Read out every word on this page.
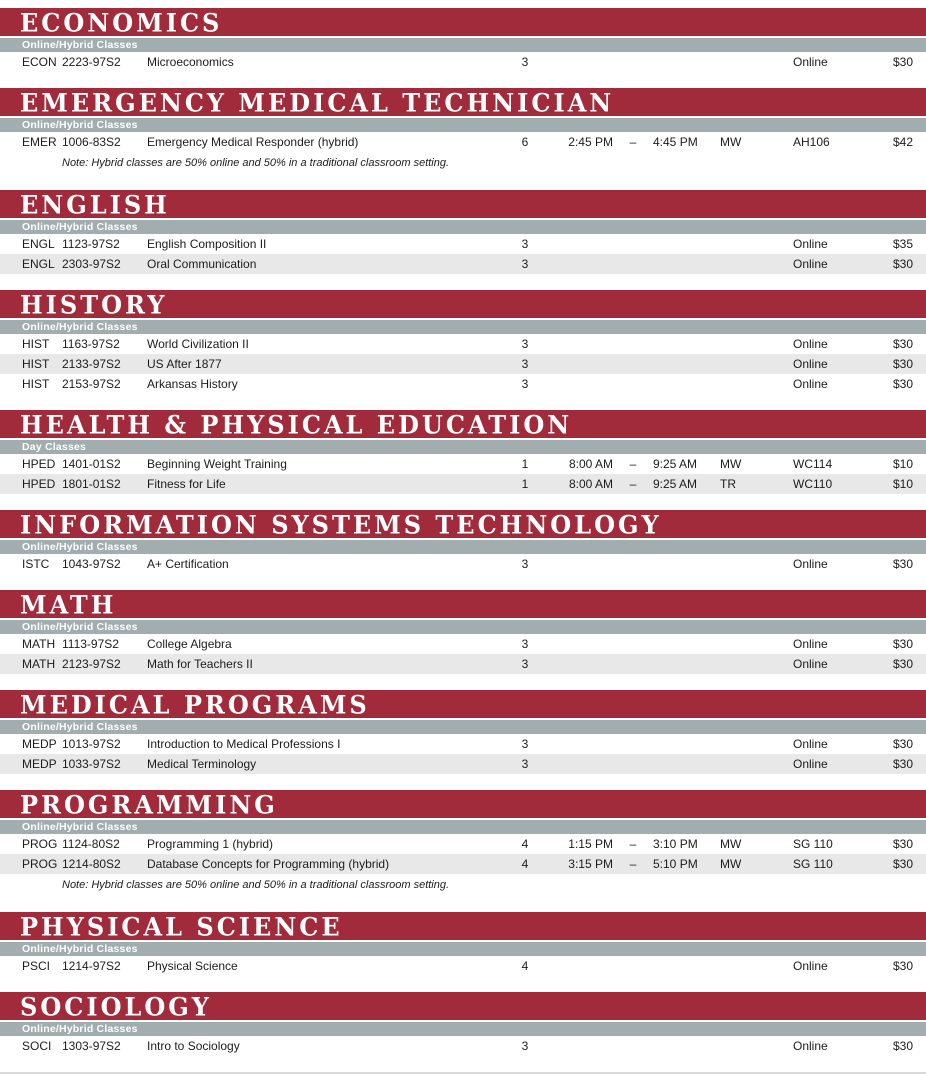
ECONOMICS
Online/Hybrid Classes
ECON 2223-97S2	Microeconomics	3	Online	$30
EMERGENCY MEDICAL TECHNICIAN
Online/Hybrid Classes
EMER 1006-83S2	Emergency Medical Responder (hybrid)	6	2:45 PM	–	4:45 PM	MW	AH106	$42
Note: Hybrid classes are 50% online and 50% in a traditional classroom setting.
ENGLISH
Online/Hybrid Classes
ENGL 1123-97S2	English Composition II	3	Online	$35
ENGL 2303-97S2	Oral Communication	3	Online	$30
HISTORY
Online/Hybrid Classes
HIST	1163-97S2	World Civilization II	3	Online	$30
HIST	2133-97S2	US After 1877	3	Online	$30
HIST	2153-97S2	Arkansas History	3	Online	$30
HEALTH & PHYSICAL EDUCATION
Day Classes
HPED 1401-01S2	Beginning Weight Training	1	8:00 AM	–	9:25 AM	MW	WC114	$10
HPED 1801-01S2	Fitness for Life	1	8:00 AM	–	9:25 AM	TR	WC110	$10
INFORMATION SYSTEMS TECHNOLOGY
Online/Hybrid Classes
ISTC	1043-97S2	A+ Certification	3	Online	$30
MATH
Online/Hybrid Classes
MATH 1113-97S2	College Algebra	3	Online	$30
MATH 2123-97S2	Math for Teachers II	3	Online	$30
MEDICAL PROGRAMS
Online/Hybrid Classes
MEDP 1013-97S2	Introduction to Medical Professions I	3	Online	$30
MEDP 1033-97S2	Medical Terminology	3	Online	$30
PROGRAMMING
Online/Hybrid Classes
PROG 1124-80S2	Programming 1 (hybrid)	4	1:15 PM	–	3:10 PM	MW	SG 110	$30
PROG 1214-80S2	Database Concepts for Programming (hybrid)	4	3:15 PM	–	5:10 PM	MW	SG 110	$30
Note: Hybrid classes are 50% online and 50% in a traditional classroom setting.
PHYSICAL SCIENCE
Online/Hybrid Classes
PSCI 1214-97S2	Physical Science	4	Online	$30
SOCIOLOGY
Online/Hybrid Classes
SOCI 1303-97S2	Intro to Sociology	3	Online	$30
